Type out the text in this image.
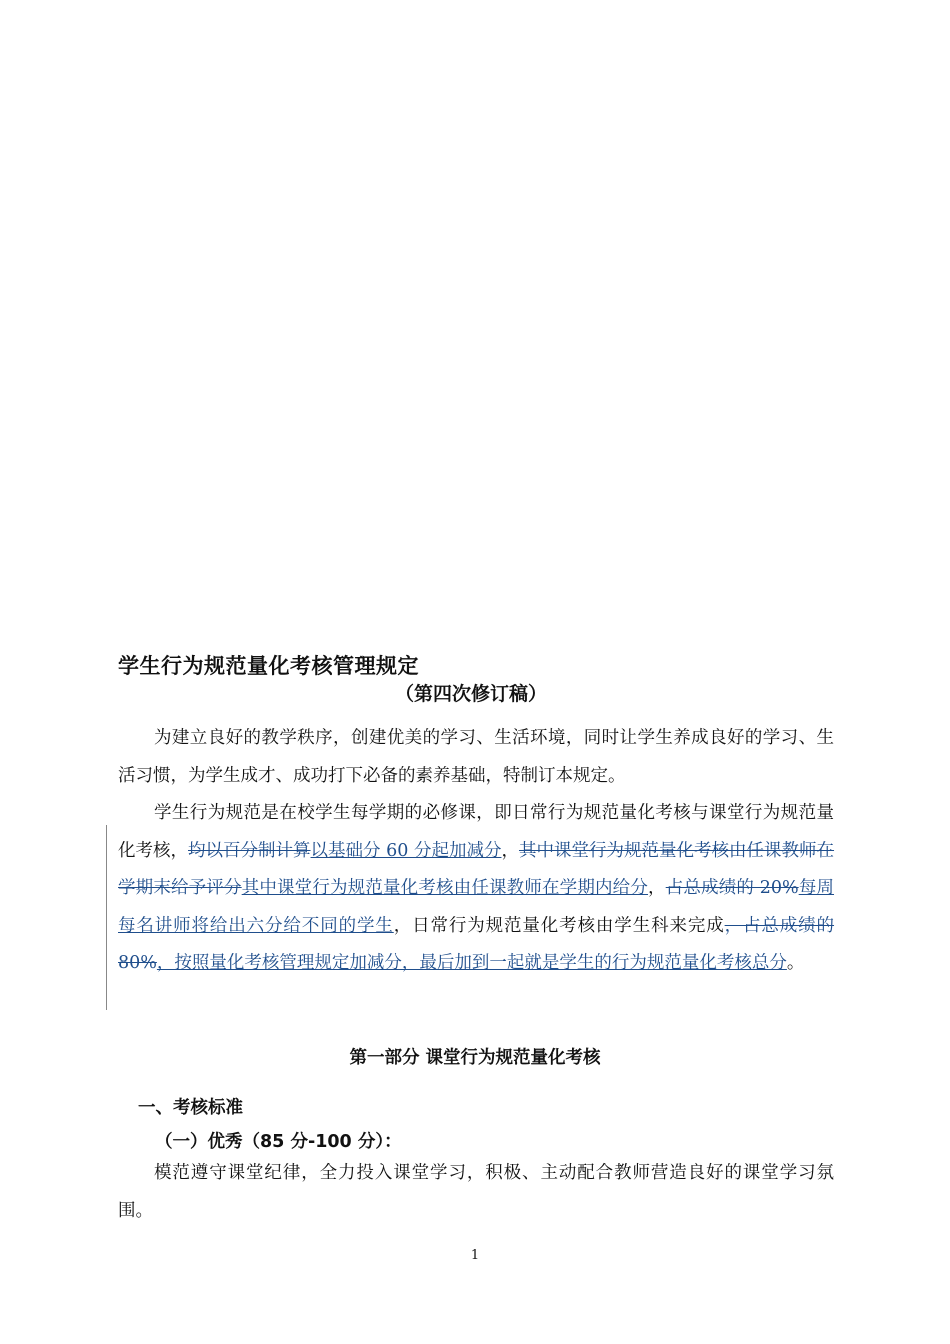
学生行为规范量化考核管理规定
（第四次修订稿）

为建立良好的教学秩序，创建优美的学习、生活环境，同时让学生养成良好的学习、生活习惯，为学生成才、成功打下必备的素养基础，特制订本规定。

学生行为规范是在校学生每学期的必修课，即日常行为规范量化考核与课堂行为规范量化考核，均以百分制计算以基础分 60 分起加减分，其中课堂行为规范量化考核由任课教师在学期末给予评分其中课堂行为规范量化考核由任课教师在学期内给分，占总成绩的 20%每周每名讲师将给出六分给不同的学生，日常行为规范量化考核由学生科来完成，占总成绩的 80%，按照量化考核管理规定加减分，最后加到一起就是学生的行为规范量化考核总分。

第一部分 课堂行为规范量化考核
一、考核标准
（一）优秀（85 分-100 分）：

模范遵守课堂纪律，全力投入课堂学习，积极、主动配合教师营造良好的课堂学习氛围。

1
